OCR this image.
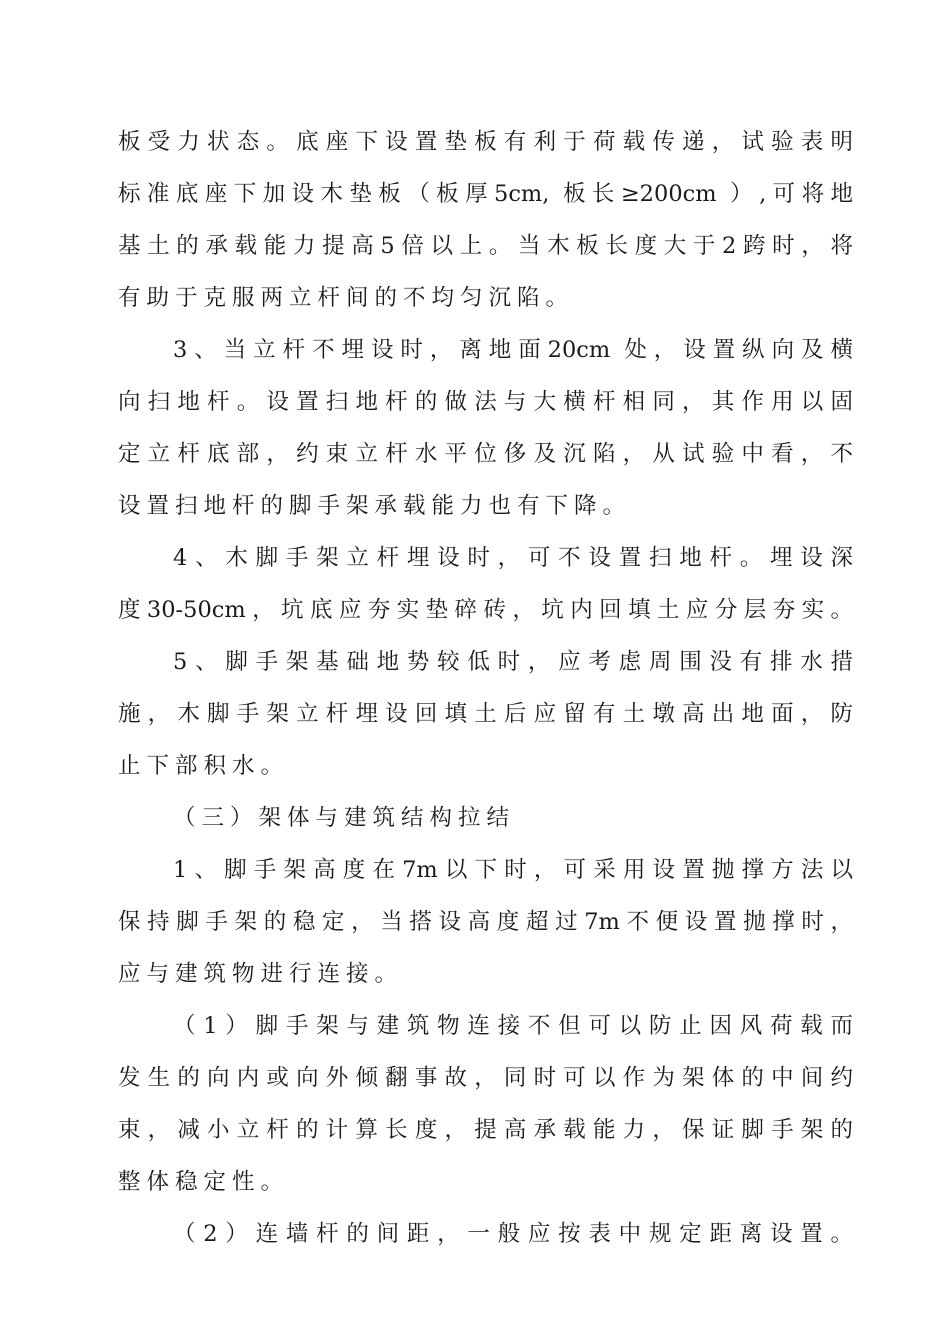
板受力状态。底座下设置垫板有利于荷载传递，试验表明
标准底座下加设木垫板（板厚5cm, 板长≥200cm ）,可将地
基土的承载能力提高5倍以上。当木板长度大于2跨时，将
有助于克服两立杆间的不均匀沉陷。
3、当立杆不埋设时，离地面20cm 处，设置纵向及横
向扫地杆。设置扫地杆的做法与大横杆相同，其作用以固
定立杆底部，约束立杆水平位侈及沉陷，从试验中看，不
设置扫地杆的脚手架承载能力也有下降。
4、木脚手架立杆埋设时，可不设置扫地杆。埋设深
度30-50cm，坑底应夯实垫碎砖，坑内回填土应分层夯实。
5、脚手架基础地势较低时，应考虑周围没有排水措
施，木脚手架立杆埋设回填土后应留有土墩高出地面，防
止下部积水。
（三）架体与建筑结构拉结
1、脚手架高度在7m以下时，可采用设置抛撑方法以
保持脚手架的稳定，当搭设高度超过7m不便设置抛撑时，
应与建筑物进行连接。
（1）脚手架与建筑物连接不但可以防止因风荷载而
发生的向内或向外倾翻事故，同时可以作为架体的中间约
束，减小立杆的计算长度，提高承载能力，保证脚手架的
整体稳定性。
（2）连墙杆的间距，一般应按表中规定距离设置。
